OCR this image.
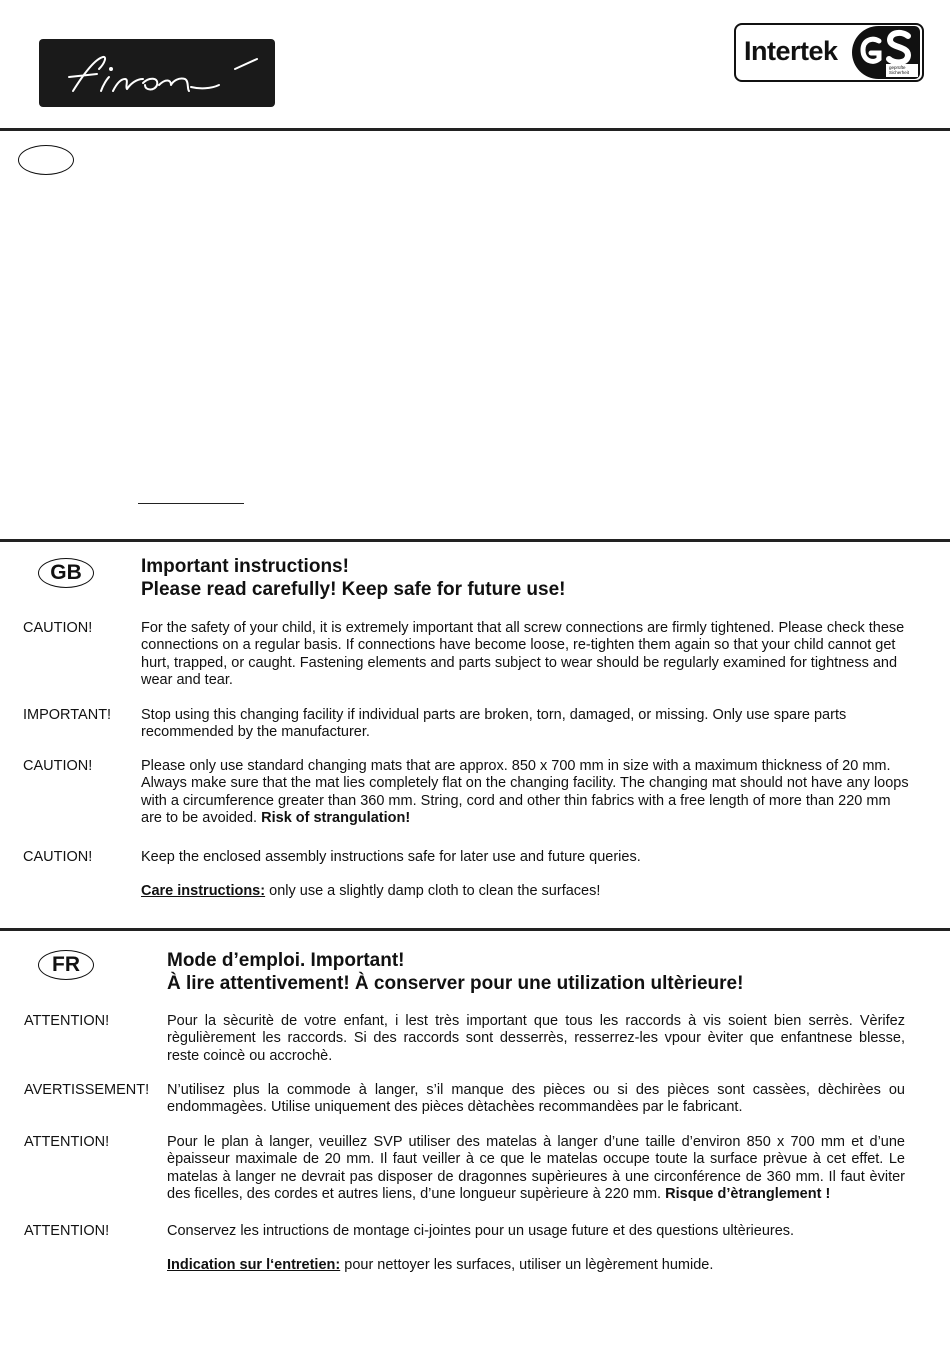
Intertek
geprüfte Sicherheit
GB	Important instructions!
Please read carefully! Keep safe for future use!
CAUTION!	For the safety of your child, it is extremely important that all screw connections are firmly tightened. Please check these connections on a regular basis. If connections have become loose, re-tighten them again so that your child cannot get hurt, trapped, or caught. Fastening elements and parts subject to wear should be regularly examined for tightness and wear and tear.
IMPORTANT! Stop using this changing facility if individual parts are broken, torn, damaged, or missing. Only use spare parts recommended by the manufacturer.
CAUTION!	Please only use standard changing mats that are approx. 850 x 700 mm in size with a maximum thickness of 20 mm. Always make sure that the mat lies completely flat on the changing facility. The changing mat should not have any loops with a circumference greater than 360 mm. String, cord and other thin fabrics with a free length of more than 220 mm are to be avoided. Risk of strangulation!
CAUTION!	Keep the enclosed assembly instructions safe for later use and future queries.
Care instructions: only use a slightly damp cloth to clean the surfaces!
FR	Mode d’emploi. Important!
À lire attentivement! À conserver pour une utilization ultèrieure!
ATTENTION!	Pour la sècuritè de votre enfant, i lest très important que tous les raccords à vis soient bien serrès. Vèrifez règulièrement les raccords. Si des raccords sont desserrès, resserrez-les vpour èviter que enfantnese blesse, reste coincè ou accrochè.
AVERTISSEMENT! N’utilisez plus la commode à langer, s’il manque des pièces ou si des pièces sont cassèes, dèchirèes ou endommagèes. Utilise uniquement des pièces dètachèes recommandèes par le fabricant.
ATTENTION!	Pour le plan à langer, veuillez SVP utiliser des matelas à langer d’une taille d’environ 850 x 700 mm et d’une èpaisseur maximale de 20 mm. Il faut veiller à ce que le matelas occupe toute la surface prèvue à cet effet. Le matelas à langer ne devrait pas disposer de dragonnes supèrieures à une circonférence de 360 mm. Il faut èviter des ficelles, des cordes et autres liens, d’une longueur supèrieure à 220 mm. Risque d’ètranglement !
ATTENTION!	Conservez les intructions de montage ci-jointes pour un usage future et des questions ultèrieures.
Indication sur l‘entretien: pour nettoyer les surfaces, utiliser un lègèrement humide.
